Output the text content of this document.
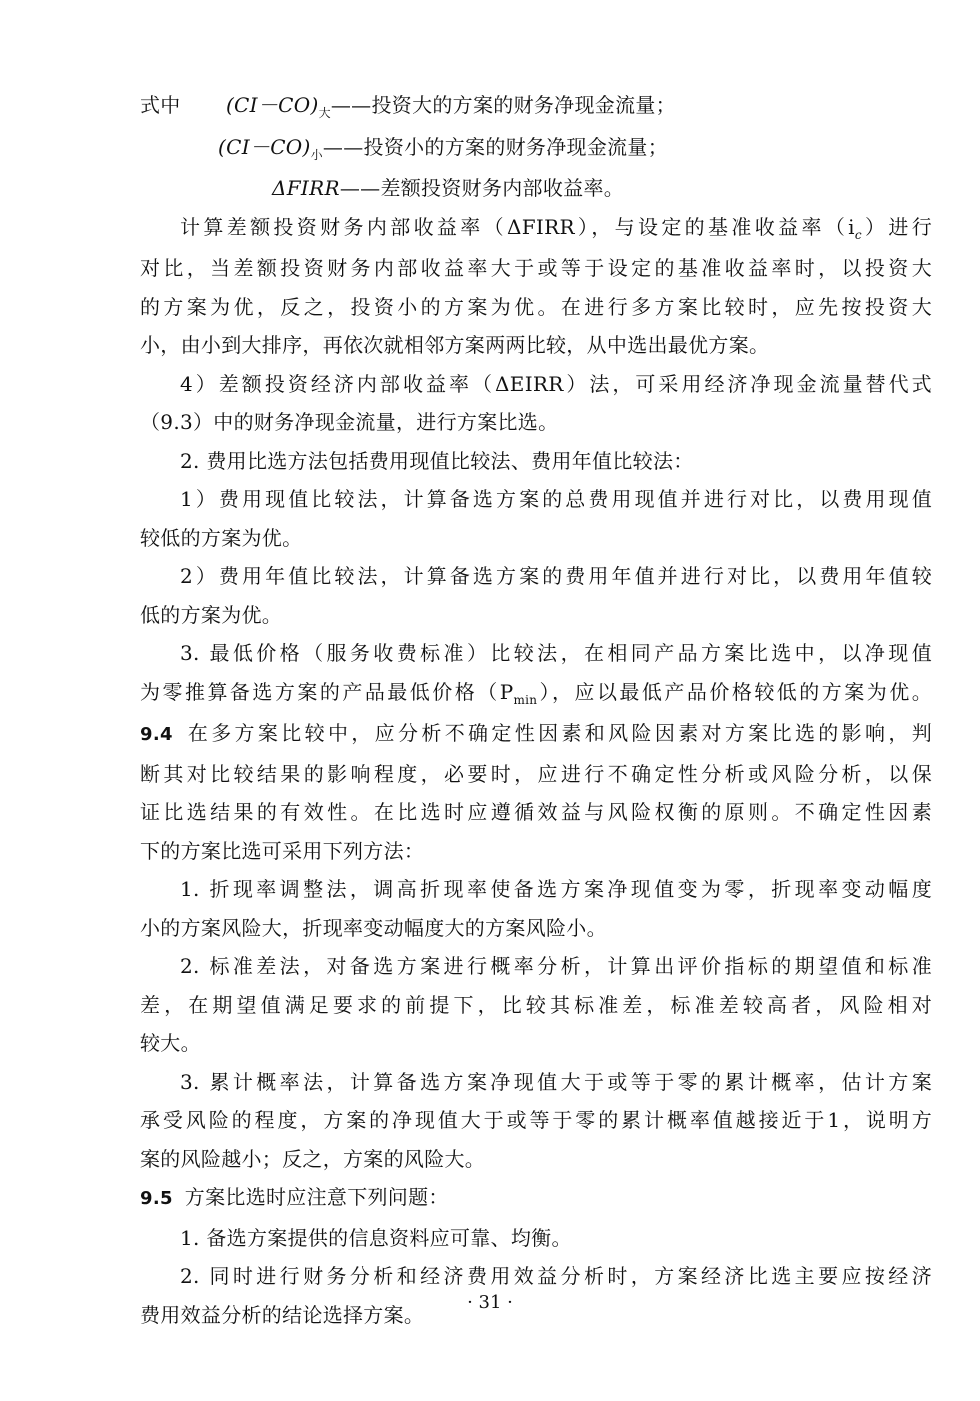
式中 $(CI-CO)_大——$投资大的方案的财务净现金流量；
$(CI-CO)_小——$投资小的方案的财务净现金流量；
ΔFIRR——差额投资财务内部收益率。
计算差额投资财务内部收益率（ΔFIRR），与设定的基准收益率$(i_c)$进行
对比，当差额投资财务内部收益率大于或等于设定的基准收益率时，以投资大
的方案为优，反之，投资小的方案为优。在进行多方案比较时，应先按投资大
小，由小到大排序，再依次就相邻方案两两比较，从中选出最优方案。
4）差额投资经济内部收益率（ΔEIRR）法，可采用经济净现金流量替代式
（9.3）中的财务净现金流量，进行方案比选。
2. 费用比选方法包括费用现值比较法、费用年值比较法：
1）费用现值比较法，计算备选方案的总费用现值并进行对比，以费用现值
较低的方案为优。
2）费用年值比较法，计算备选方案的费用年值并进行对比，以费用年值较
低的方案为优。
3. 最低价格（服务收费标准）比较法，在相同产品方案比选中，以净现值
为零推算备选方案的产品最低价格$(P_{min})$，应以最低产品价格较低的方案为优。
9.4 在多方案比较中，应分析不确定性因素和风险因素对方案比选的影响，判
断其对比较结果的影响程度，必要时，应进行不确定性分析或风险分析，以保
证比选结果的有效性。在比选时应遵循效益与风险权衡的原则。不确定性因素
下的方案比选可采用下列方法：
1. 折现率调整法，调高折现率使备选方案净现值变为零，折现率变动幅度
小的方案风险大，折现率变动幅度大的方案风险小。
2. 标准差法，对备选方案进行概率分析，计算出评价指标的期望值和标准
差，在期望值满足要求的前提下，比较其标准差，标准差较高者，风险相对
较大。
3. 累计概率法，计算备选方案净现值大于或等于零的累计概率，估计方案
承受风险的程度，方案的净现值大于或等于零的累计概率值越接近于1，说明方
案的风险越小；反之，方案的风险大。
9.5 方案比选时应注意下列问题：
1. 备选方案提供的信息资料应可靠、均衡。
2. 同时进行财务分析和经济费用效益分析时，方案经济比选主要应按经济
费用效益分析的结论选择方案。	· 31 ·
